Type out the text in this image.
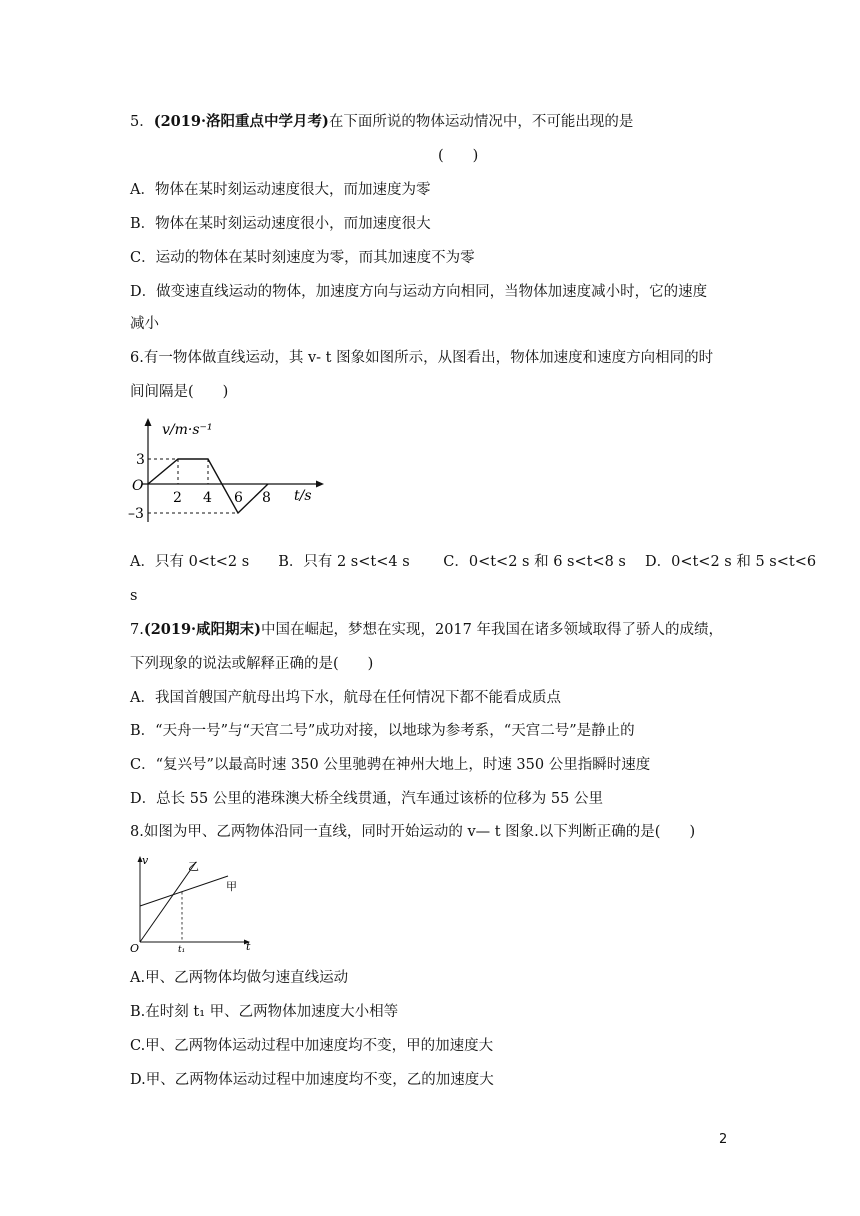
5．(2019·洛阳重点中学月考)在下面所说的物体运动情况中，不可能出现的是
(　　)
A．物体在某时刻运动速度很大，而加速度为零
B．物体在某时刻运动速度很小，而加速度很大
C．运动的物体在某时刻速度为零，而其加速度不为零
D．做变速直线运动的物体，加速度方向与运动方向相同，当物体加速度减小时，它的速度
减小
6.有一物体做直线运动，其 v- t 图象如图所示，从图看出，物体加速度和速度方向相同的时
间间隔是(　　)
v/m·s⁻¹
t/s
O
3
–3
2 4 6 8
A．只有 0<t<2 s　　B．只有 2 s<t<4 s　　 C．0<t<2 s 和 6 s<t<8 s　 D．0<t<2 s 和 5 s<t<6
s
7.(2019·咸阳期末)中国在崛起，梦想在实现，2017 年我国在诸多领域取得了骄人的成绩，
下列现象的说法或解释正确的是(　　)
A．我国首艘国产航母出坞下水，航母在任何情况下都不能看成质点
B．“天舟一号”与“天宫二号”成功对接，以地球为参考系，“天宫二号”是静止的
C．“复兴号”以最高时速 350 公里驰骋在神州大地上，时速 350 公里指瞬时速度
D．总长 55 公里的港珠澳大桥全线贯通，汽车通过该桥的位移为 55 公里
8.如图为甲、乙两物体沿同一直线，同时开始运动的 v— t 图象.以下判断正确的是(　　)
v
t
O	t₁
甲
乙
A.甲、乙两物体均做匀速直线运动
B.在时刻 t₁ 甲、乙两物体加速度大小相等
C.甲、乙两物体运动过程中加速度均不变，甲的加速度大
D.甲、乙两物体运动过程中加速度均不变，乙的加速度大
2
